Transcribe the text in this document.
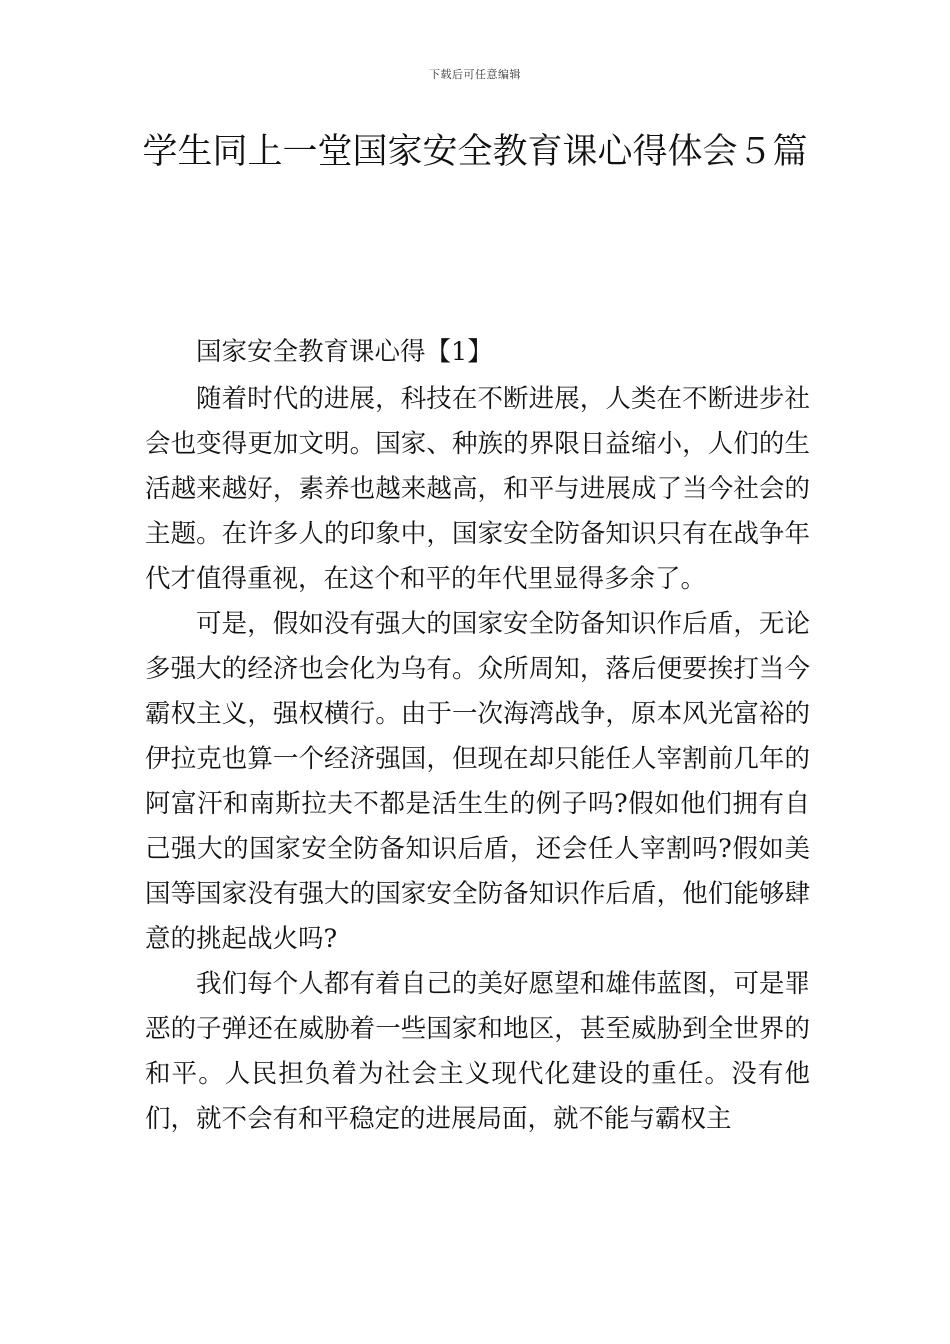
下载后可任意编辑
学生同上一堂国家安全教育课心得体会５篇

国家安全教育课心得【1】

随着时代的进展，科技在不断进展，人类在不断进步社会也变得更加文明。国家、种族的界限日益缩小，人们的生活越来越好，素养也越来越高，和平与进展成了当今社会的主题。在许多人的印象中，国家安全防备知识只有在战争年代才值得重视，在这个和平的年代里显得多余了。

可是，假如没有强大的国家安全防备知识作后盾，无论多强大的经济也会化为乌有。众所周知，落后便要挨打当今霸权主义，强权横行。由于一次海湾战争，原本风光富裕的伊拉克也算一个经济强国，但现在却只能任人宰割前几年的阿富汗和南斯拉夫不都是活生生的例子吗?假如他们拥有自己强大的国家安全防备知识后盾，还会任人宰割吗?假如美国等国家没有强大的国家安全防备知识作后盾，他们能够肆意的挑起战火吗?

我们每个人都有着自己的美好愿望和雄伟蓝图，可是罪恶的子弹还在威胁着一些国家和地区，甚至威胁到全世界的和平。人民担负着为社会主义现代化建设的重任。没有他们，就不会有和平稳定的进展局面，就不能与霸权主
